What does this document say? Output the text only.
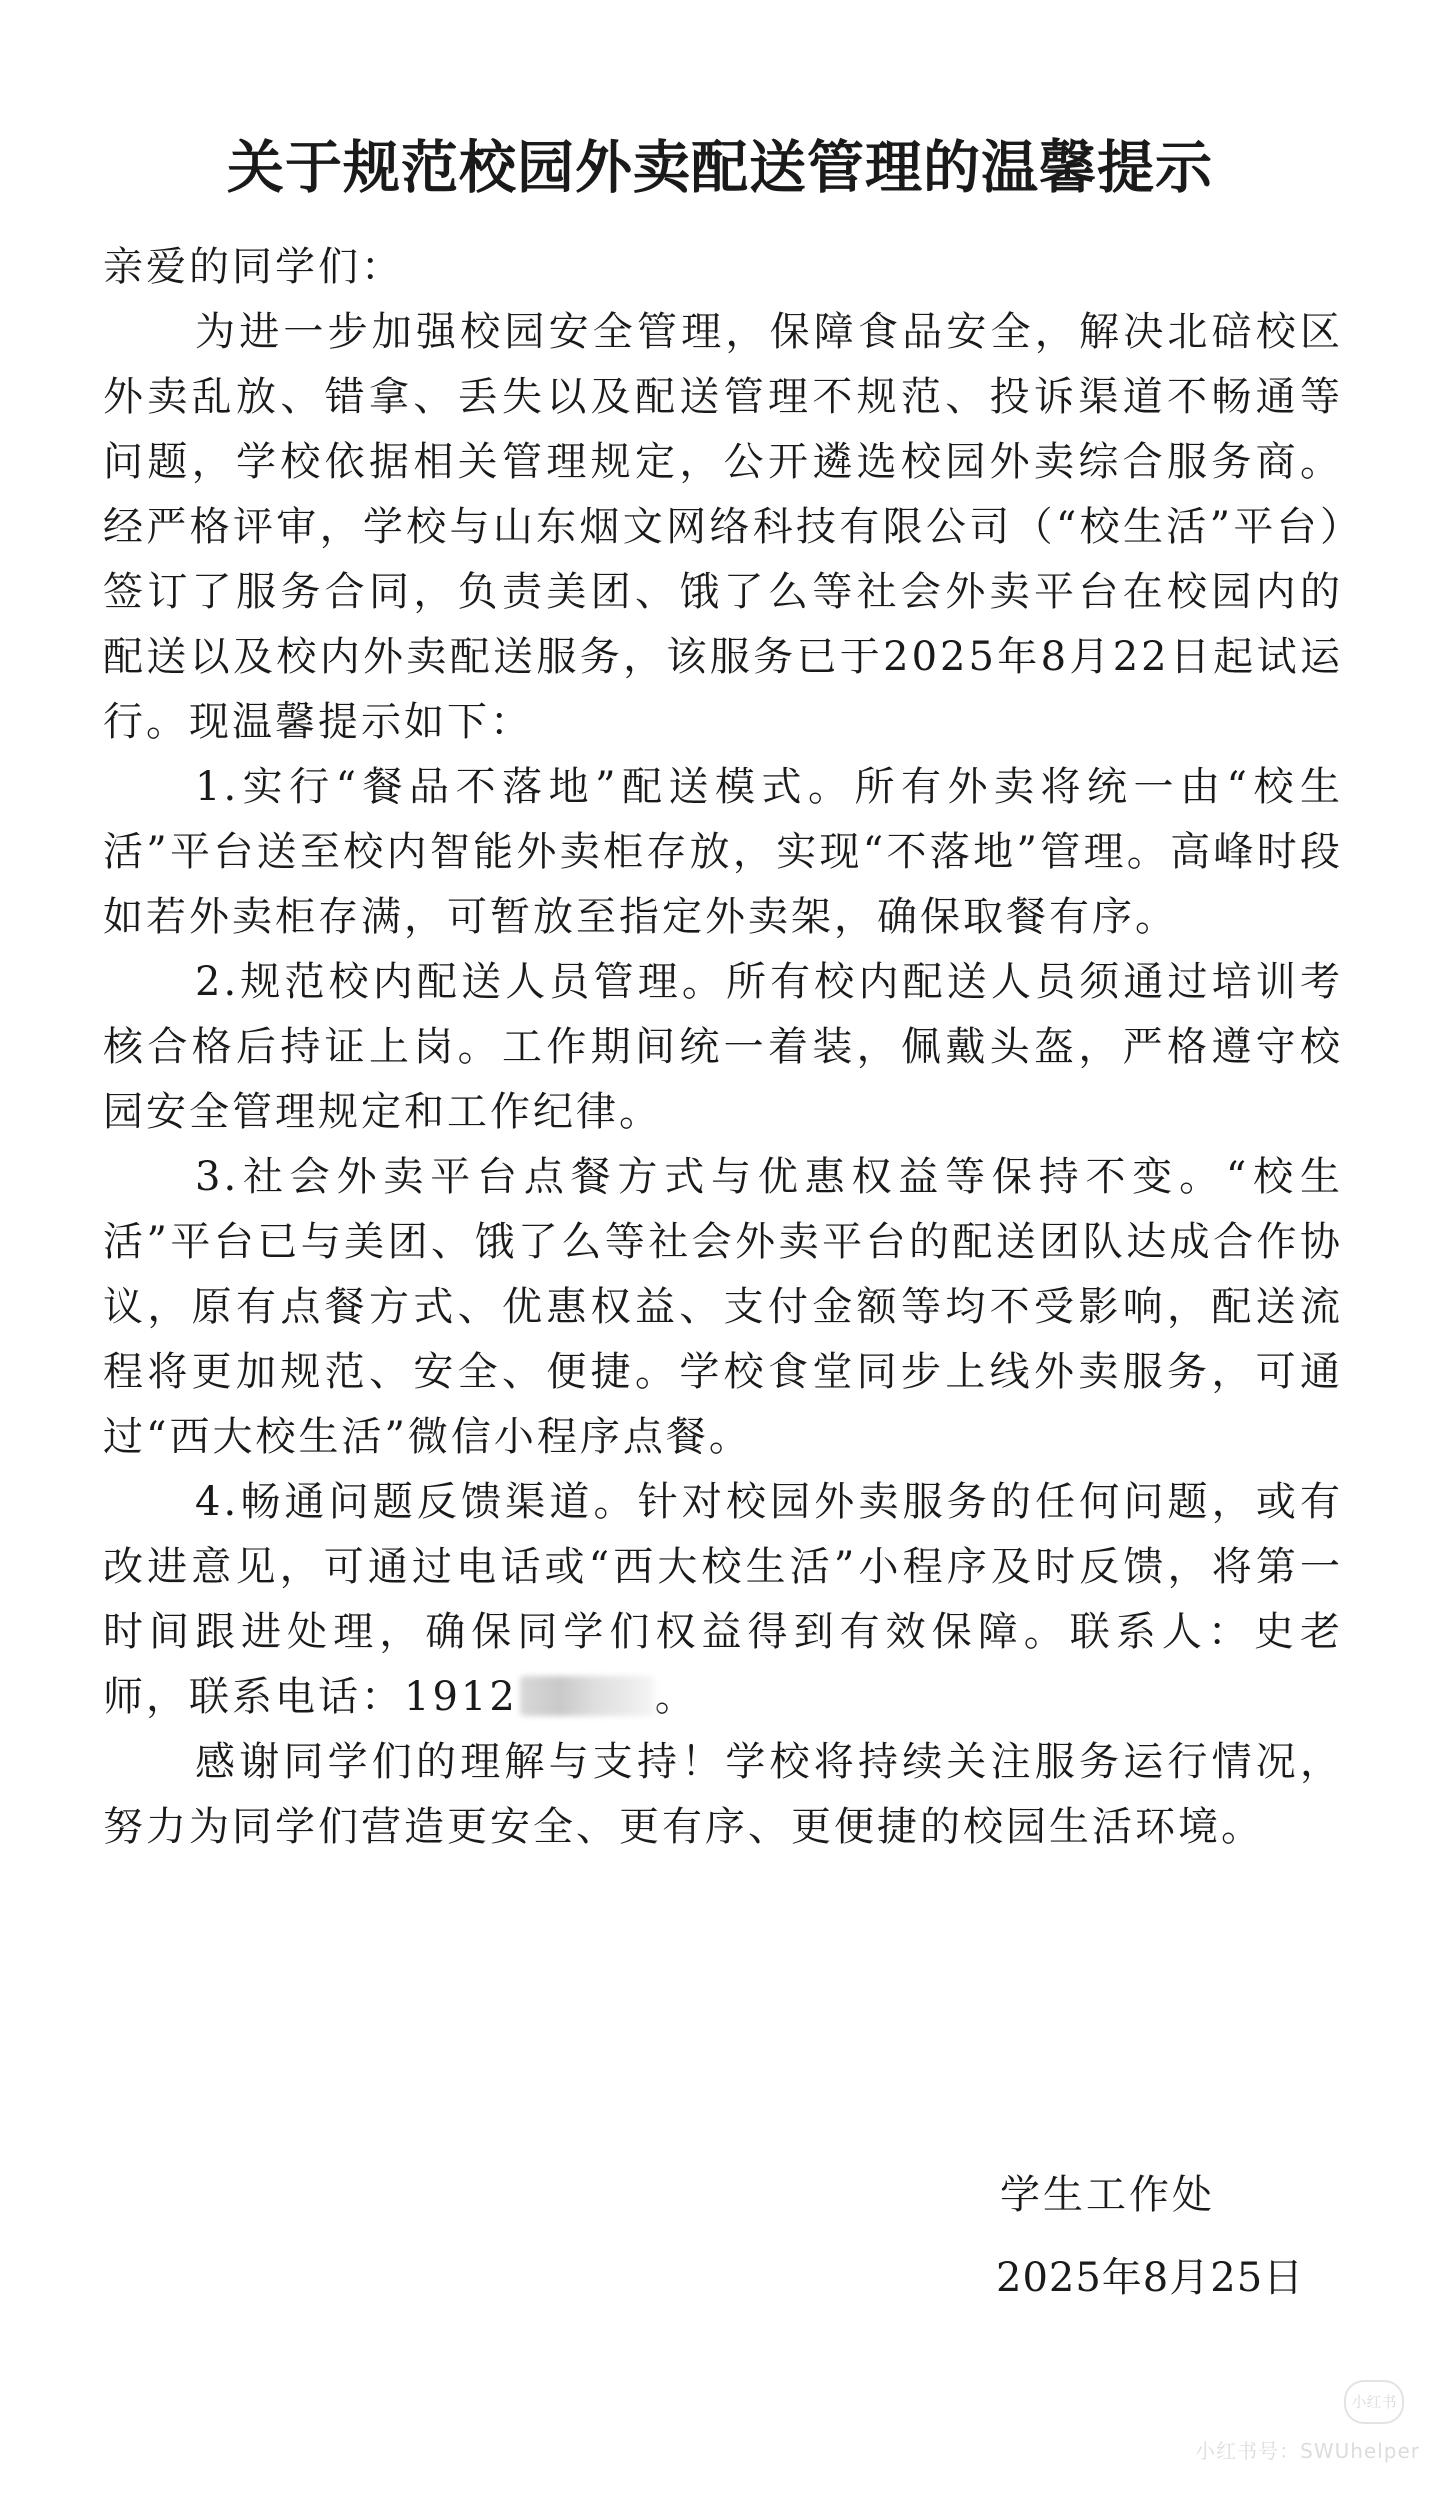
关于规范校园外卖配送管理的温馨提示

亲爱的同学们：

为进一步加强校园安全管理，保障食品安全，解决北碚校区外卖乱放、错拿、丢失以及配送管理不规范、投诉渠道不畅通等问题，学校依据相关管理规定，公开遴选校园外卖综合服务商。经严格评审，学校与山东烟文网络科技有限公司（“校生活”平台）签订了服务合同，负责美团、饿了么等社会外卖平台在校园内的配送以及校内外卖配送服务，该服务已于2025年8月22日起试运行。现温馨提示如下：

1.实行“餐品不落地”配送模式。所有外卖将统一由“校生活”平台送至校内智能外卖柜存放，实现“不落地”管理。高峰时段如若外卖柜存满，可暂放至指定外卖架，确保取餐有序。

2.规范校内配送人员管理。所有校内配送人员须通过培训考核合格后持证上岗。工作期间统一着装，佩戴头盔，严格遵守校园安全管理规定和工作纪律。

3.社会外卖平台点餐方式与优惠权益等保持不变。“校生活”平台已与美团、饿了么等社会外卖平台的配送团队达成合作协议，原有点餐方式、优惠权益、支付金额等均不受影响，配送流程将更加规范、安全、便捷。学校食堂同步上线外卖服务，可通过“西大校生活”微信小程序点餐。

4.畅通问题反馈渠道。针对校园外卖服务的任何问题，或有改进意见，可通过电话或“西大校生活”小程序及时反馈，将第一时间跟进处理，确保同学们权益得到有效保障。联系人：史老师，联系电话：1912	。

感谢同学们的理解与支持！学校将持续关注服务运行情况，努力为同学们营造更安全、更有序、更便捷的校园生活环境。

学生工作处

2025年8月25日

小红书
小红书号：SWUhelper
